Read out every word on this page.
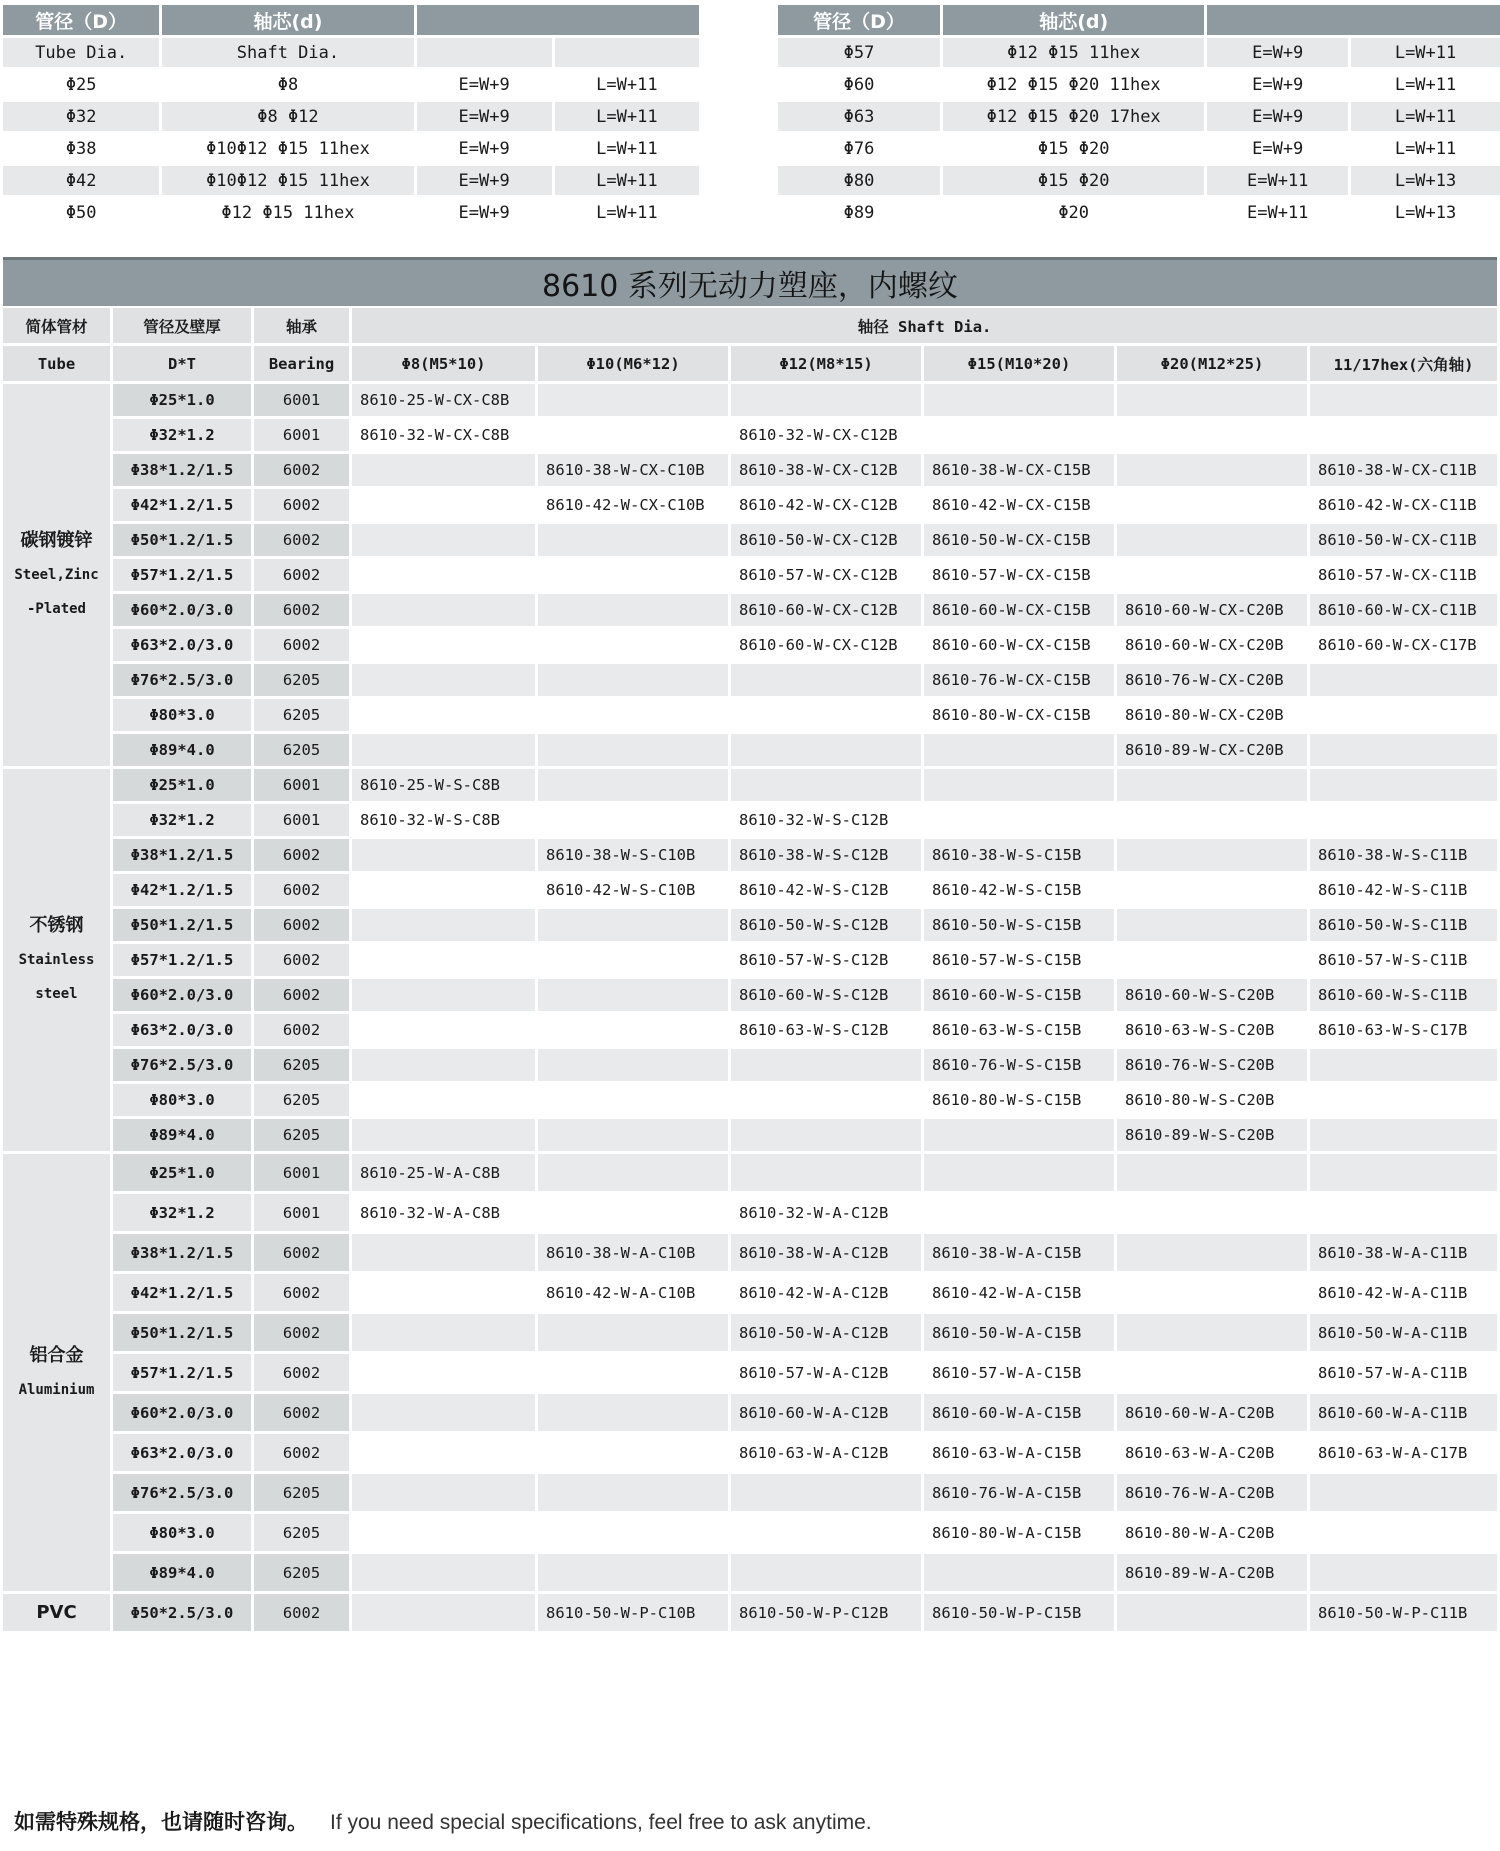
管径（D）	轴芯(d)		
Tube Dia.	Shaft Dia.		
Φ25	Φ8	E=W+9	L=W+11
Φ32	Φ8 Φ12	E=W+9	L=W+11
Φ38	Φ10Φ12 Φ15 11hex	E=W+9	L=W+11
Φ42	Φ10Φ12 Φ15 11hex	E=W+9	L=W+11
Φ50	Φ12 Φ15 11hex	E=W+9	L=W+11
管径（D）	轴芯(d)		
Φ57	Φ12 Φ15 11hex	E=W+9	L=W+11
Φ60	Φ12 Φ15 Φ20 11hex	E=W+9	L=W+11
Φ63	Φ12 Φ15 Φ20 17hex	E=W+9	L=W+11
Φ76	Φ15 Φ20	E=W+9	L=W+11
Φ80	Φ15 Φ20	E=W+11	L=W+13
Φ89	Φ20	E=W+11	L=W+13
8610 系列无动力塑座，内螺纹
简体管材	管径及壁厚	轴承	轴径 Shaft Dia.					
Tube	D*T	Bearing	Φ8(M5*10)	Φ10(M6*12)	Φ12(M8*15)	Φ15(M10*20)	Φ20(M12*25)	11/17hex(六角轴)

碳钢镀锌
Steel,Zinc
-Plated	Φ25*1.0	6001	8610-25-W-CX-C8B					
	Φ32*1.2	6001	8610-32-W-CX-C8B		8610-32-W-CX-C12B			
	Φ38*1.2/1.5	6002		8610-38-W-CX-C10B	8610-38-W-CX-C12B	8610-38-W-CX-C15B		8610-38-W-CX-C11B
	Φ42*1.2/1.5	6002		8610-42-W-CX-C10B	8610-42-W-CX-C12B	8610-42-W-CX-C15B		8610-42-W-CX-C11B
	Φ50*1.2/1.5	6002			8610-50-W-CX-C12B	8610-50-W-CX-C15B		8610-50-W-CX-C11B
	Φ57*1.2/1.5	6002			8610-57-W-CX-C12B	8610-57-W-CX-C15B		8610-57-W-CX-C11B
	Φ60*2.0/3.0	6002			8610-60-W-CX-C12B	8610-60-W-CX-C15B	8610-60-W-CX-C20B	8610-60-W-CX-C11B
	Φ63*2.0/3.0	6002			8610-60-W-CX-C12B	8610-60-W-CX-C15B	8610-60-W-CX-C20B	8610-60-W-CX-C17B
	Φ76*2.5/3.0	6205				8610-76-W-CX-C15B	8610-76-W-CX-C20B	
	Φ80*3.0	6205				8610-80-W-CX-C15B	8610-80-W-CX-C20B	
	Φ89*4.0	6205					8610-89-W-CX-C20B	

不锈钢
Stainless
steel	Φ25*1.0	6001	8610-25-W-S-C8B					
	Φ32*1.2	6001	8610-32-W-S-C8B		8610-32-W-S-C12B			
	Φ38*1.2/1.5	6002		8610-38-W-S-C10B	8610-38-W-S-C12B	8610-38-W-S-C15B		8610-38-W-S-C11B
	Φ42*1.2/1.5	6002		8610-42-W-S-C10B	8610-42-W-S-C12B	8610-42-W-S-C15B		8610-42-W-S-C11B
	Φ50*1.2/1.5	6002			8610-50-W-S-C12B	8610-50-W-S-C15B		8610-50-W-S-C11B
	Φ57*1.2/1.5	6002			8610-57-W-S-C12B	8610-57-W-S-C15B		8610-57-W-S-C11B
	Φ60*2.0/3.0	6002			8610-60-W-S-C12B	8610-60-W-S-C15B	8610-60-W-S-C20B	8610-60-W-S-C11B
	Φ63*2.0/3.0	6002			8610-63-W-S-C12B	8610-63-W-S-C15B	8610-63-W-S-C20B	8610-63-W-S-C17B
	Φ76*2.5/3.0	6205				8610-76-W-S-C15B	8610-76-W-S-C20B	
	Φ80*3.0	6205				8610-80-W-S-C15B	8610-80-W-S-C20B	
	Φ89*4.0	6205					8610-89-W-S-C20B	

铝合金
Aluminium	Φ25*1.0	6001	8610-25-W-A-C8B					
	Φ32*1.2	6001	8610-32-W-A-C8B		8610-32-W-A-C12B			
	Φ38*1.2/1.5	6002		8610-38-W-A-C10B	8610-38-W-A-C12B	8610-38-W-A-C15B		8610-38-W-A-C11B
	Φ42*1.2/1.5	6002		8610-42-W-A-C10B	8610-42-W-A-C12B	8610-42-W-A-C15B		8610-42-W-A-C11B
	Φ50*1.2/1.5	6002			8610-50-W-A-C12B	8610-50-W-A-C15B		8610-50-W-A-C11B
	Φ57*1.2/1.5	6002			8610-57-W-A-C12B	8610-57-W-A-C15B		8610-57-W-A-C11B
	Φ60*2.0/3.0	6002			8610-60-W-A-C12B	8610-60-W-A-C15B	8610-60-W-A-C20B	8610-60-W-A-C11B
	Φ63*2.0/3.0	6002			8610-63-W-A-C12B	8610-63-W-A-C15B	8610-63-W-A-C20B	8610-63-W-A-C17B
	Φ76*2.5/3.0	6205				8610-76-W-A-C15B	8610-76-W-A-C20B	
	Φ80*3.0	6205				8610-80-W-A-C15B	8610-80-W-A-C20B	
	Φ89*4.0	6205					8610-89-W-A-C20B	

PVC	Φ50*2.5/3.0	6002		8610-50-W-P-C10B	8610-50-W-P-C12B	8610-50-W-P-C15B		8610-50-W-P-C11B
如需特殊规格，也请随时咨询。 If you need special specifications, feel free to ask anytime.
